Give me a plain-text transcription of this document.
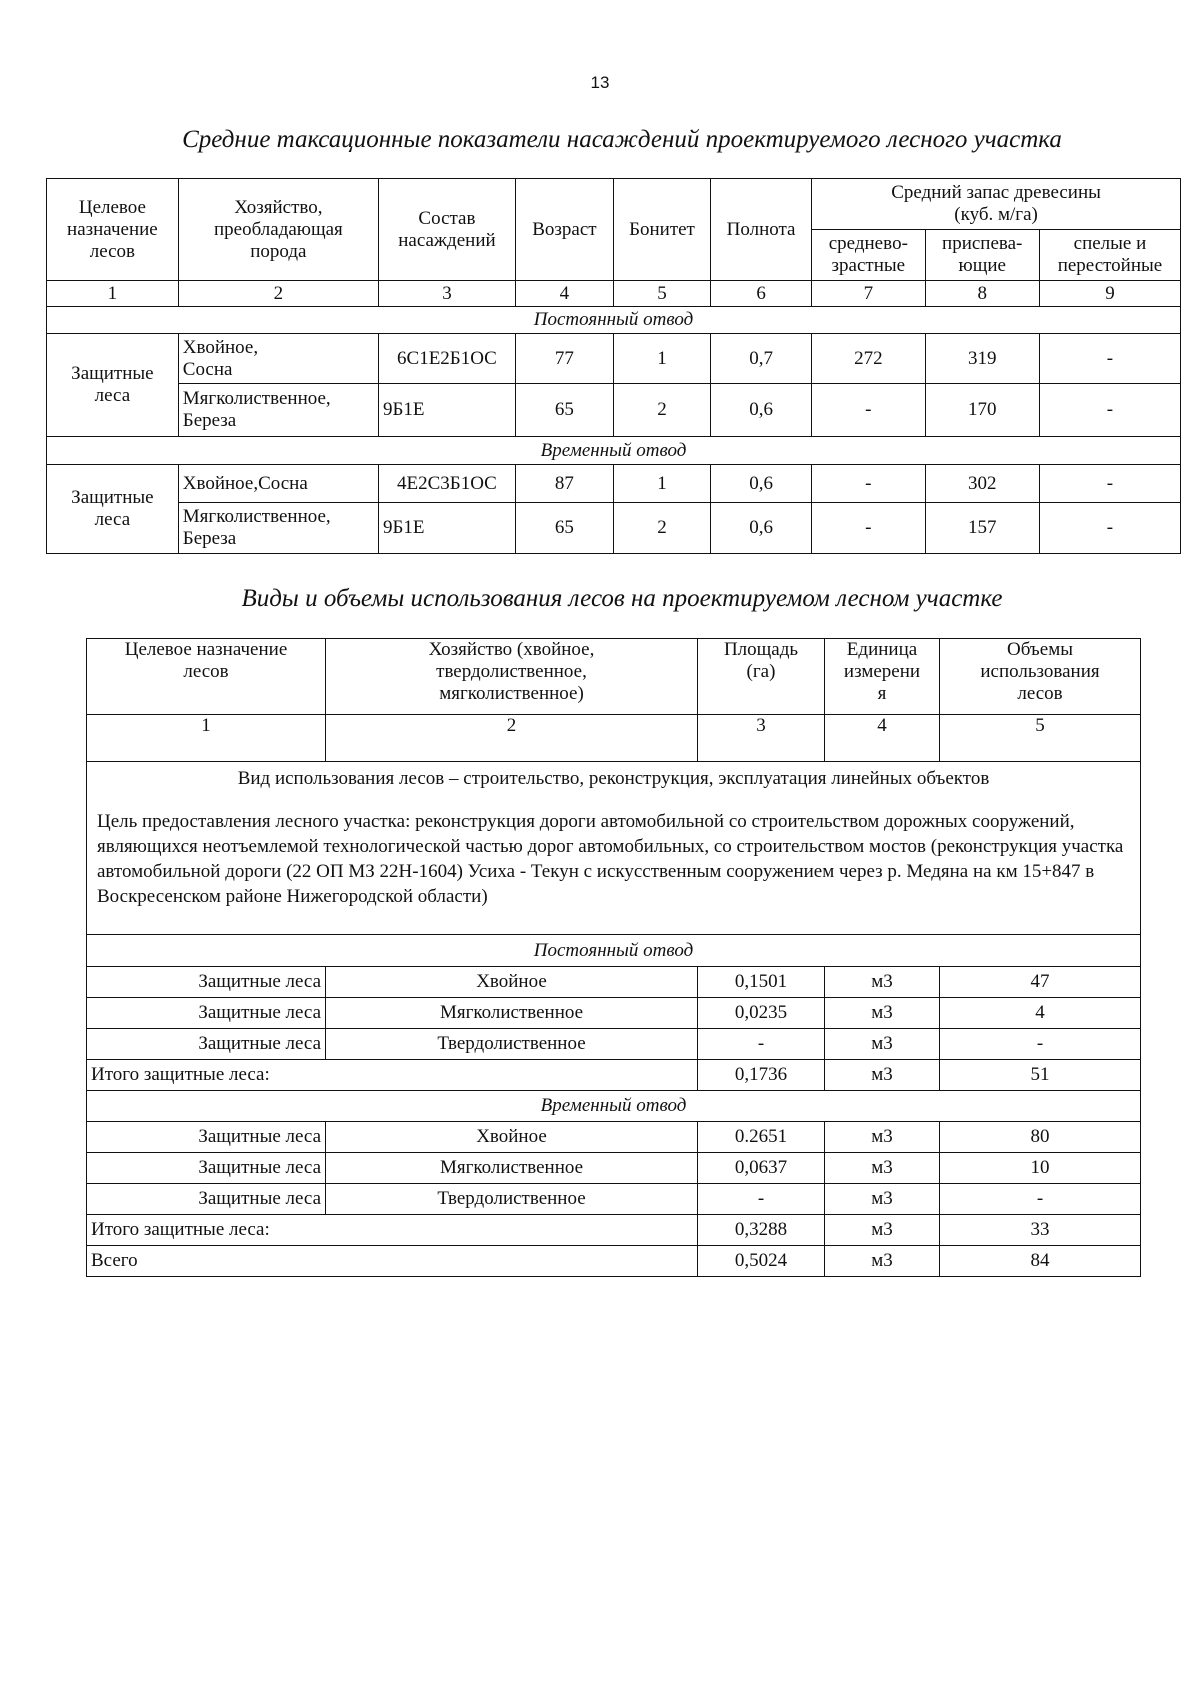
13
Средние таксационные показатели насаждений проектируемого лесного участка
Целевое
назначение
лесов	Хозяйство,
преобладающая
порода	Состав
насаждений	Возраст	Бонитет	Полнота	Средний запас древесины
(куб. м/га)		
						средневo-
зрастные	приспева-
ющие	спелые и
перестойные
1	2	3	4	5	6	7	8	9
Постоянный отвод								
Защитные
леса	Хвойное,
Сосна	6С1Е2Б1ОС	77	1	0,7	272	319	-
	Мягколиственное,
Береза	9Б1Е	65	2	0,6	-	170	-
Временный отвод								
Защитные
леса	Хвойное,Сосна	4Е2С3Б1ОС	87	1	0,6	-	302	-
	Мягколиственное,
Береза	9Б1Е	65	2	0,6	-	157	-
Виды и объемы использования лесов на проектируемом лесном участке
Целевое назначение
лесов	Хозяйство (хвойное,
твердолиственное,
мягколиственное)	Площадь
(га)	Единица
измерени
я	Объемы
использования
лесов
1	2	3	4	5

Вид использования лесов – строительство, реконструкция, эксплуатация линейных объектов
Цель предоставления лесного участка: реконструкция дороги автомобильной со строительством дорожных сооружений, являющихся неотъемлемой технологической частью дорог автомобильных, со строительством мостов (реконструкция участка автомобильной дороги (22 ОП МЗ 22Н-1604) Усиха - Текун с искусственным сооружением через р. Медяна на км 15+847 в Воскресенском районе Нижегородской области)				
Постоянный отвод				
Защитные леса	Хвойное	0,1501	м3	47
Защитные леса	Мягколиственное	0,0235	м3	4
Защитные леса	Твердолиственное	-	м3	-
Итого защитные леса:		0,1736	м3	51
Временный отвод				
Защитные леса	Хвойное	0.2651	м3	80
Защитные леса	Мягколиственное	0,0637	м3	10
Защитные леса	Твердолиственное	-	м3	-
Итого защитные леса:		0,3288	м3	33
Всего		0,5024	м3	84
